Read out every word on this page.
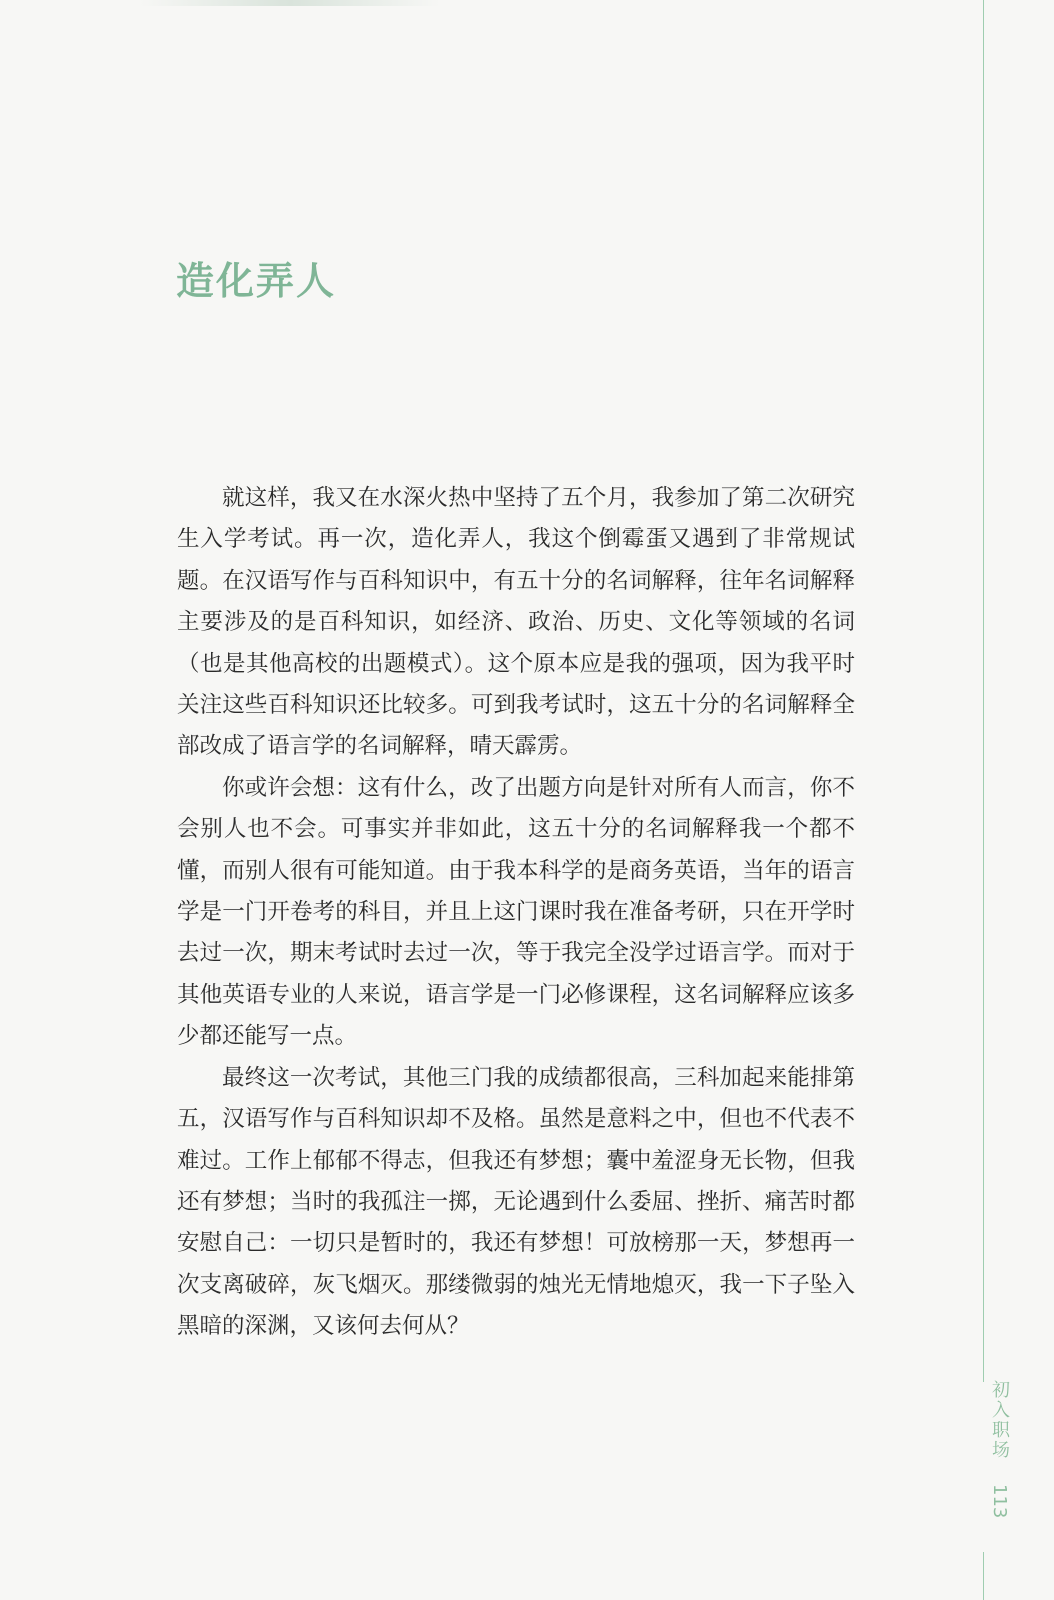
造化弄人

就这样，我又在水深火热中坚持了五个月，我参加了第二次研究生入学考试。再一次，造化弄人，我这个倒霉蛋又遇到了非常规试题。在汉语写作与百科知识中，有五十分的名词解释，往年名词解释主要涉及的是百科知识，如经济、政治、历史、文化等领域的名词（也是其他高校的出题模式）。这个原本应是我的强项，因为我平时关注这些百科知识还比较多。可到我考试时，这五十分的名词解释全部改成了语言学的名词解释，晴天霹雳。

你或许会想：这有什么，改了出题方向是针对所有人而言，你不会别人也不会。可事实并非如此，这五十分的名词解释我一个都不懂，而别人很有可能知道。由于我本科学的是商务英语，当年的语言学是一门开卷考的科目，并且上这门课时我在准备考研，只在开学时去过一次，期末考试时去过一次，等于我完全没学过语言学。而对于其他英语专业的人来说，语言学是一门必修课程，这名词解释应该多少都还能写一点。

最终这一次考试，其他三门我的成绩都很高，三科加起来能排第五，汉语写作与百科知识却不及格。虽然是意料之中，但也不代表不难过。工作上郁郁不得志，但我还有梦想；囊中羞涩身无长物，但我还有梦想；当时的我孤注一掷，无论遇到什么委屈、挫折、痛苦时都安慰自己：一切只是暂时的，我还有梦想！可放榜那一天，梦想再一次支离破碎，灰飞烟灭。那缕微弱的烛光无情地熄灭，我一下子坠入黑暗的深渊，又该何去何从？

初入职场 113
